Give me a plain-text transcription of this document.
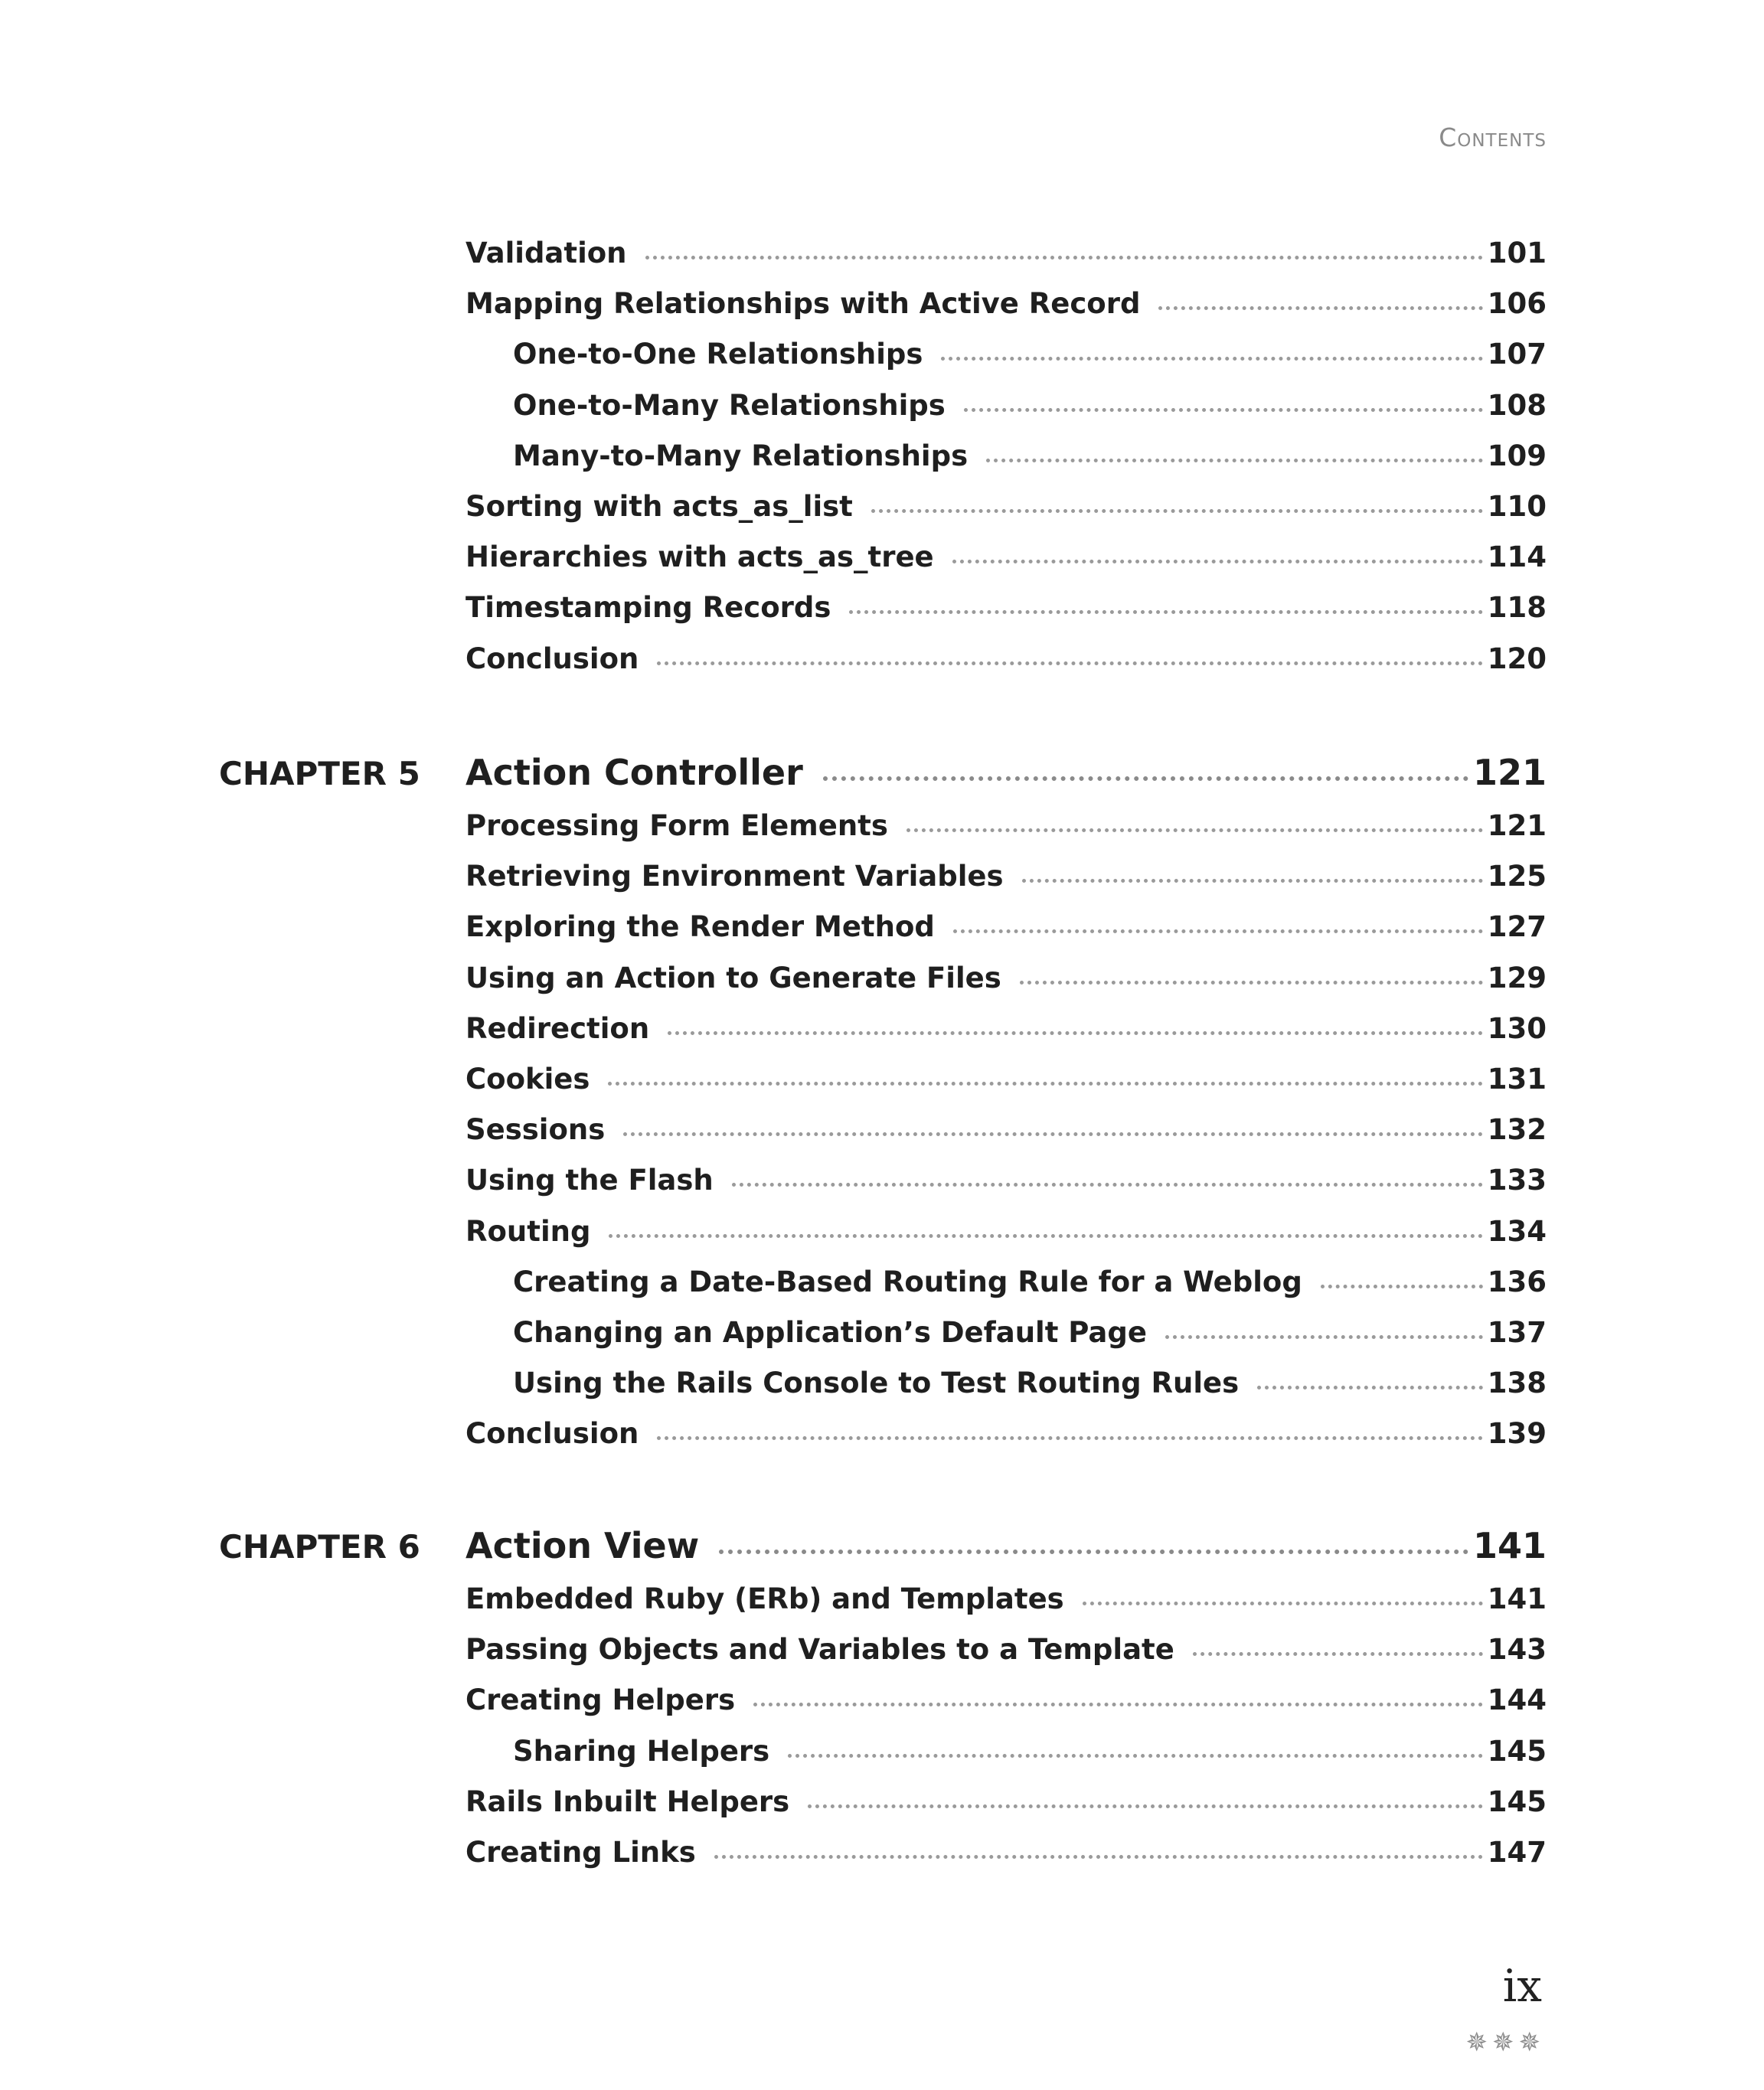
Contents
Validation	101
Mapping Relationships with Active Record	106
One-to-One Relationships	107
One-to-Many Relationships	108
Many-to-Many Relationships	109
Sorting with acts_as_list	110
Hierarchies with acts_as_tree	114
Timestamping Records	118
Conclusion	120
CHAPTER 5 Action Controller	121
Processing Form Elements	121
Retrieving Environment Variables	125
Exploring the Render Method	127
Using an Action to Generate Files	129
Redirection	130
Cookies	131
Sessions	132
Using the Flash	133
Routing	134
Creating a Date-Based Routing Rule for a Weblog	136
Changing an Application’s Default Page	137
Using the Rails Console to Test Routing Rules	138
Conclusion	139
CHAPTER 6 Action View	141
Embedded Ruby (ERb) and Templates	141
Passing Objects and Variables to a Template	143
Creating Helpers	144
Sharing Helpers	145
Rails Inbuilt Helpers	145
Creating Links	147
ix
✵✵✵
